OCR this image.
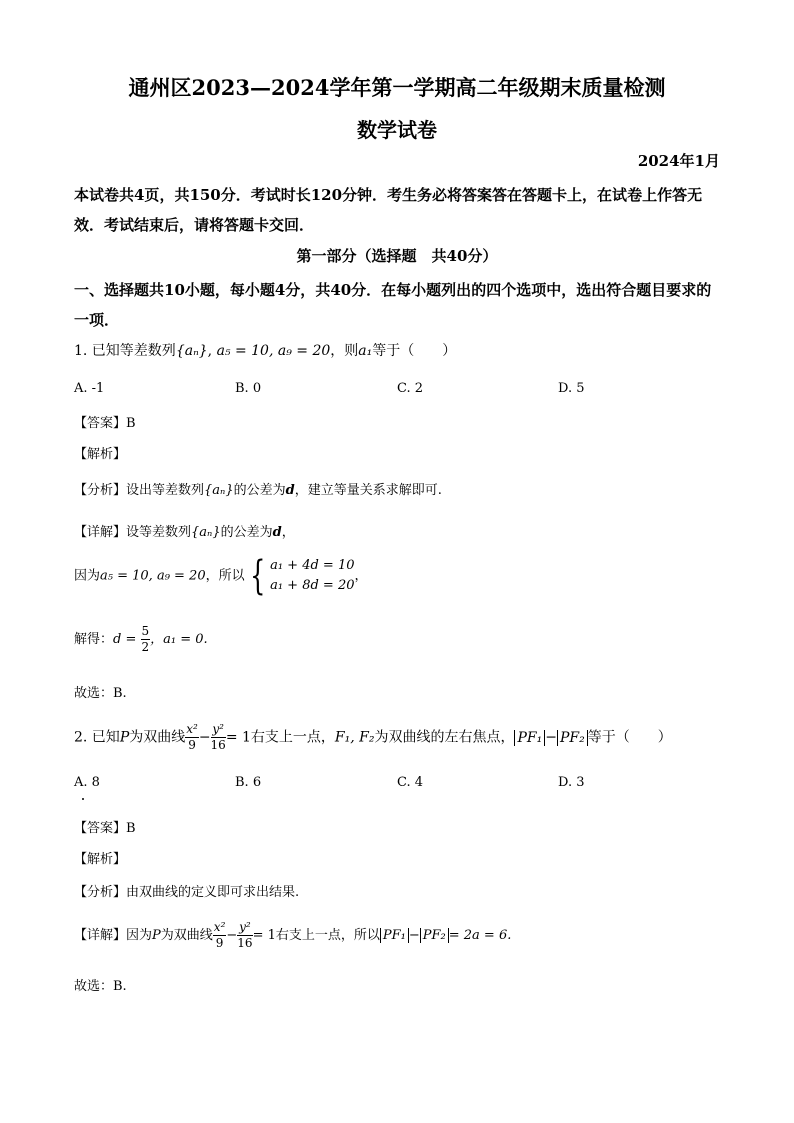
通州区2023—2024学年第一学期高二年级期末质量检测
数学试卷
2024年1月
本试卷共4页，共150分．考试时长120分钟．考生务必将答案答在答题卡上，在试卷上作答无效．考试结束后，请将答题卡交回．
第一部分（选择题　共40分）
一、选择题共10小题，每小题4分，共40分．在每小题列出的四个选项中，选出符合题目要求的一项．
1. 已知等差数列{aₙ}, a₅ = 10, a₉ = 20，则a₁等于（　　）
A. -1	B. 0	C. 2	D. 5
【答案】B
【解析】
【分析】设出等差数列{aₙ}的公差为d，建立等量关系求解即可.
【详解】设等差数列{aₙ}的公差为d，
因为a₅ = 10, a₉ = 20，所以 { a₁ + 4d = 10
a₁ + 8d = 20
，
解得：$d = \frac{5}{2}$ ，a₁ = 0.
故选：B.
2. 已知P为双曲线 $\frac{\text{x²}}{9} - \frac{\text{y²}}{16} = 1$右支上一点，F₁, F₂为双曲线的左右焦点， PF₁ − PF₂ 等于（　　）
A. 8	B. 6	C. 4	D. 3
【答案】B
【解析】
【分析】由双曲线的定义即可求出结果.
【详解】因为P为双曲线 $\frac{\text{x²}}{9} - \frac{\text{y²}}{16} = 1$右支上一点，所以 PF₁ − PF₂ = 2a = 6.
故选：B.
